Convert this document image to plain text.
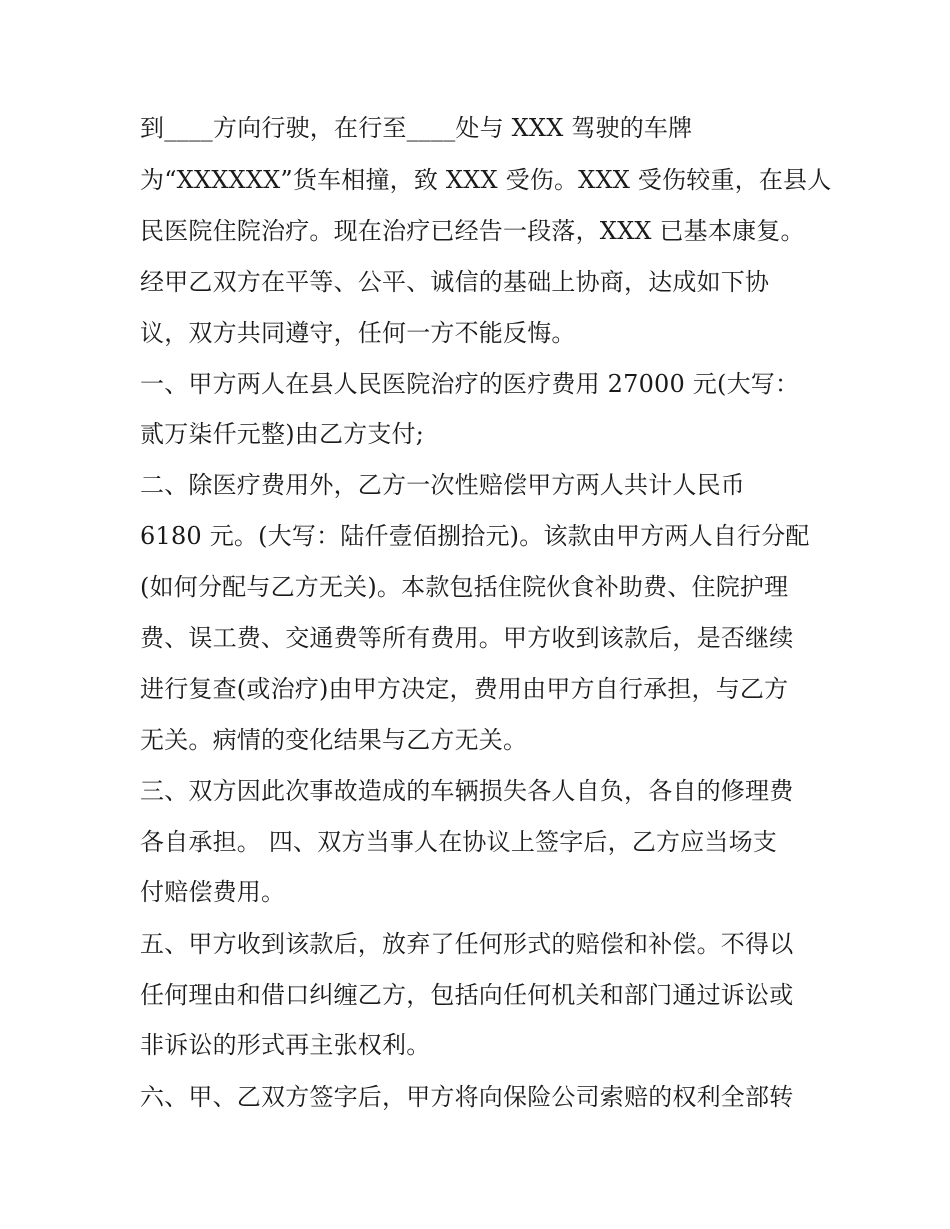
到____方向行驶，在行至____处与 XXX 驾驶的车牌
为“XXXXXX”货车相撞，致 XXX 受伤。XXX 受伤较重，在县人
民医院住院治疗。现在治疗已经告一段落，XXX 已基本康复。
经甲乙双方在平等、公平、诚信的基础上协商，达成如下协
议，双方共同遵守，任何一方不能反悔。
一、甲方两人在县人民医院治疗的医疗费用 27000 元(大写：
贰万柒仟元整)由乙方支付;
二、除医疗费用外，乙方一次性赔偿甲方两人共计人民币
6180 元。(大写：陆仟壹佰捌拾元)。该款由甲方两人自行分配
(如何分配与乙方无关)。本款包括住院伙食补助费、住院护理
费、误工费、交通费等所有费用。甲方收到该款后，是否继续
进行复查(或治疗)由甲方决定，费用由甲方自行承担，与乙方
无关。病情的变化结果与乙方无关。
三、双方因此次事故造成的车辆损失各人自负，各自的修理费
各自承担。 四、双方当事人在协议上签字后，乙方应当场支
付赔偿费用。
五、甲方收到该款后，放弃了任何形式的赔偿和补偿。不得以
任何理由和借口纠缠乙方，包括向任何机关和部门通过诉讼或
非诉讼的形式再主张权利。
六、甲、乙双方签字后，甲方将向保险公司索赔的权利全部转
